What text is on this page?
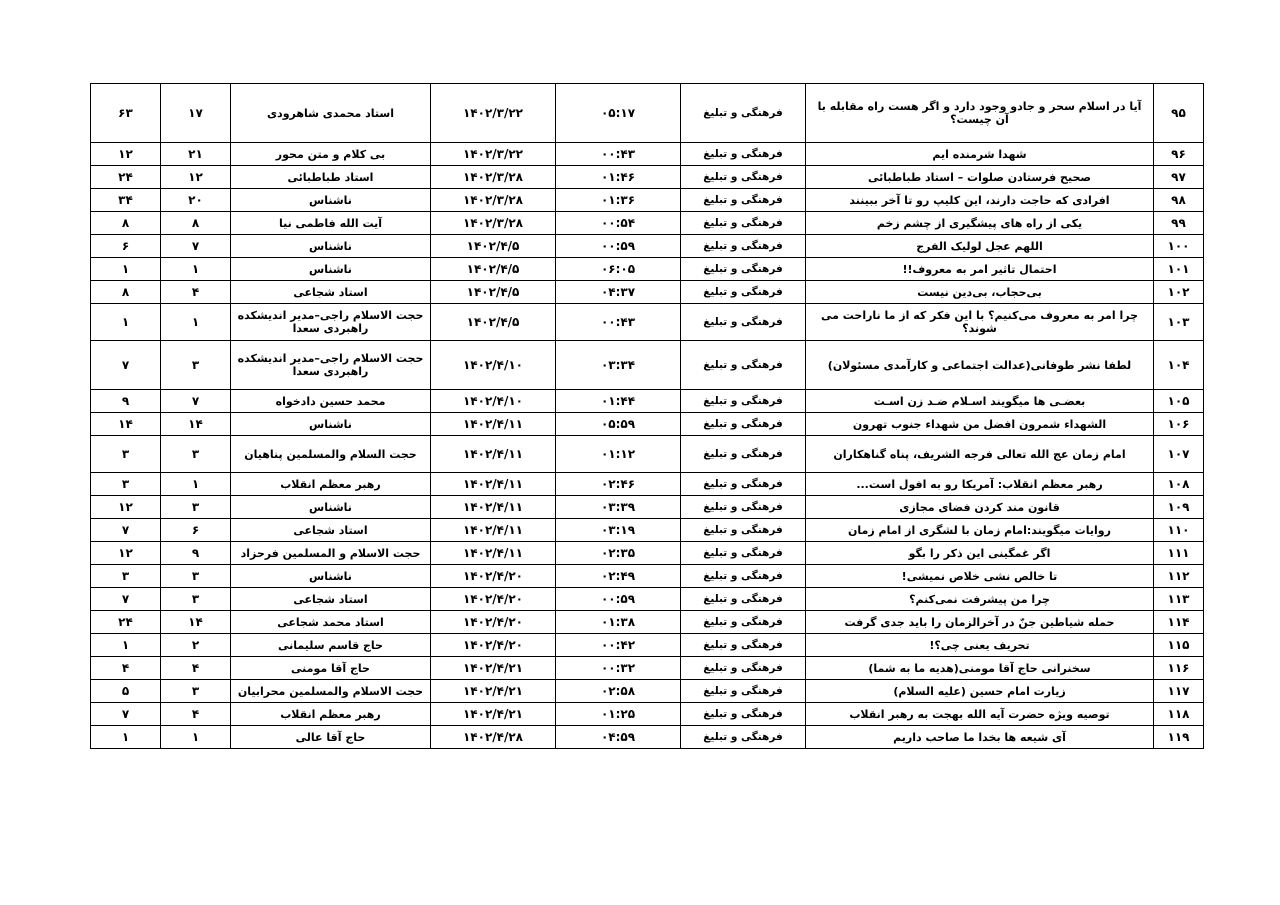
۹۵	آیا در اسلام سحر و جادو وجود دارد و اگر هست راه مقابله با آن چیست؟	فرهنگی و تبلیغ	۰۵:۱۷	۱۴۰۲/۳/۲۲	استاد محمدی شاهرودی	۱۷	۶۳
۹۶	شهدا شرمنده ایم	فرهنگی و تبلیغ	۰۰:۴۳	۱۴۰۲/۳/۲۲	بی کلام و متن محور	۲۱	۱۲
۹۷	صحیح فرستادن صلوات – استاد طباطبائی	فرهنگی و تبلیغ	۰۱:۴۶	۱۴۰۲/۳/۲۸	استاد طباطبائی	۱۲	۲۴
۹۸	افرادی که حاجت دارند، این کلیپ رو تا آخر ببینند	فرهنگی و تبلیغ	۰۱:۳۶	۱۴۰۲/۳/۲۸	ناشناس	۲۰	۳۴
۹۹	یکی از راه های پیشگیری از چشم زخم	فرهنگی و تبلیغ	۰۰:۵۴	۱۴۰۲/۳/۲۸	آیت الله فاطمی نیا	۸	۸
۱۰۰	اللهم عجل لولیک الفرج	فرهنگی و تبلیغ	۰۰:۵۹	۱۴۰۲/۴/۵	ناشناس	۷	۶
۱۰۱	احتمال تاثیر امر به معروف!!	فرهنگی و تبلیغ	۰۶:۰۵	۱۴۰۲/۴/۵	ناشناس	۱	۱
۱۰۲	بی‌حجاب، بی‌دین نیست	فرهنگی و تبلیغ	۰۴:۳۷	۱۴۰۲/۴/۵	استاد شجاعی	۴	۸
۱۰۳	چرا امر به معروف می‌کنیم؟ با این فکر که از ما ناراحت می شوند؟	فرهنگی و تبلیغ	۰۰:۴۳	۱۴۰۲/۴/۵	حجت الاسلام راجی–مدیر اندیشکده راهبردی سعدا	۱	۱
۱۰۴	لطفا نشر طوفانی(عدالت اجتماعی و کارآمدی مسئولان)	فرهنگی و تبلیغ	۰۳:۳۴	۱۴۰۲/۴/۱۰	حجت الاسلام راجی–مدیر اندیشکده راهبردی سعدا	۳	۷
۱۰۵	بعضـی ها میگویند اسـلام ضـد زن اسـت	فرهنگی و تبلیغ	۰۱:۴۴	۱۴۰۲/۴/۱۰	محمد حسین دادخواه	۷	۹
۱۰۶	الشهداء شمرون افضل من شهداء جنوب تهرون	فرهنگی و تبلیغ	۰۵:۵۹	۱۴۰۲/۴/۱۱	ناشناس	۱۴	۱۴
۱۰۷	امام زمان عج الله تعالی فرجه الشریف، پناه گناهکاران	فرهنگی و تبلیغ	۰۱:۱۲	۱۴۰۲/۴/۱۱	حجت السلام والمسلمین پناهیان	۳	۳
۱۰۸	رهبر معظم انقلاب: آمریکا رو به افول است...	فرهنگی و تبلیغ	۰۲:۴۶	۱۴۰۲/۴/۱۱	رهبر معظم انقلاب	۱	۳
۱۰۹	قانون مند کردن فضای مجازی	فرهنگی و تبلیغ	۰۳:۳۹	۱۴۰۲/۴/۱۱	ناشناس	۳	۱۲
۱۱۰	روایات میگویند:امام زمان با لشگری از امام زمان	فرهنگی و تبلیغ	۰۳:۱۹	۱۴۰۲/۴/۱۱	استاد شجاعی	۶	۷
۱۱۱	اگر غمگینی این ذکر را بگو	فرهنگی و تبلیغ	۰۲:۳۵	۱۴۰۲/۴/۱۱	حجت الاسلام و المسلمین فرحزاد	۹	۱۲
۱۱۲	تا خالص نشی خلاص نمیشی!	فرهنگی و تبلیغ	۰۲:۴۹	۱۴۰۲/۴/۲۰	ناشناس	۳	۳
۱۱۳	چرا من پیشرفت نمی‌کنم؟	فرهنگی و تبلیغ	۰۰:۵۹	۱۴۰۲/۴/۲۰	استاد شجاعی	۳	۷
۱۱۴	حمله شیاطین جنّ در آخرالزمان را باید جدی گرفت	فرهنگی و تبلیغ	۰۱:۳۸	۱۴۰۲/۴/۲۰	استاد محمد شجاعی	۱۴	۲۴
۱۱۵	تحریف یعنی چی؟!	فرهنگی و تبلیغ	۰۰:۴۲	۱۴۰۲/۴/۲۰	حاج قاسم سلیمانی	۲	۱
۱۱۶	سخنرانی حاج آقا مومنی(هدیه ما به شما)	فرهنگی و تبلیغ	۰۰:۳۲	۱۴۰۲/۴/۲۱	حاج آقا مومنی	۴	۴
۱۱۷	زیارت امام حسین (علیه السلام)	فرهنگی و تبلیغ	۰۲:۵۸	۱۴۰۲/۴/۲۱	حجت الاسلام والمسلمین محرابیان	۳	۵
۱۱۸	توصیه ویژه حضرت آیه الله بهجت به رهبر انقلاب	فرهنگی و تبلیغ	۰۱:۲۵	۱۴۰۲/۴/۲۱	رهبر معظم انقلاب	۴	۷
۱۱۹	آی شیعه ها بخدا ما صاحب داریم	فرهنگی و تبلیغ	۰۴:۵۹	۱۴۰۲/۴/۲۸	حاج آقا عالی	۱	۱
